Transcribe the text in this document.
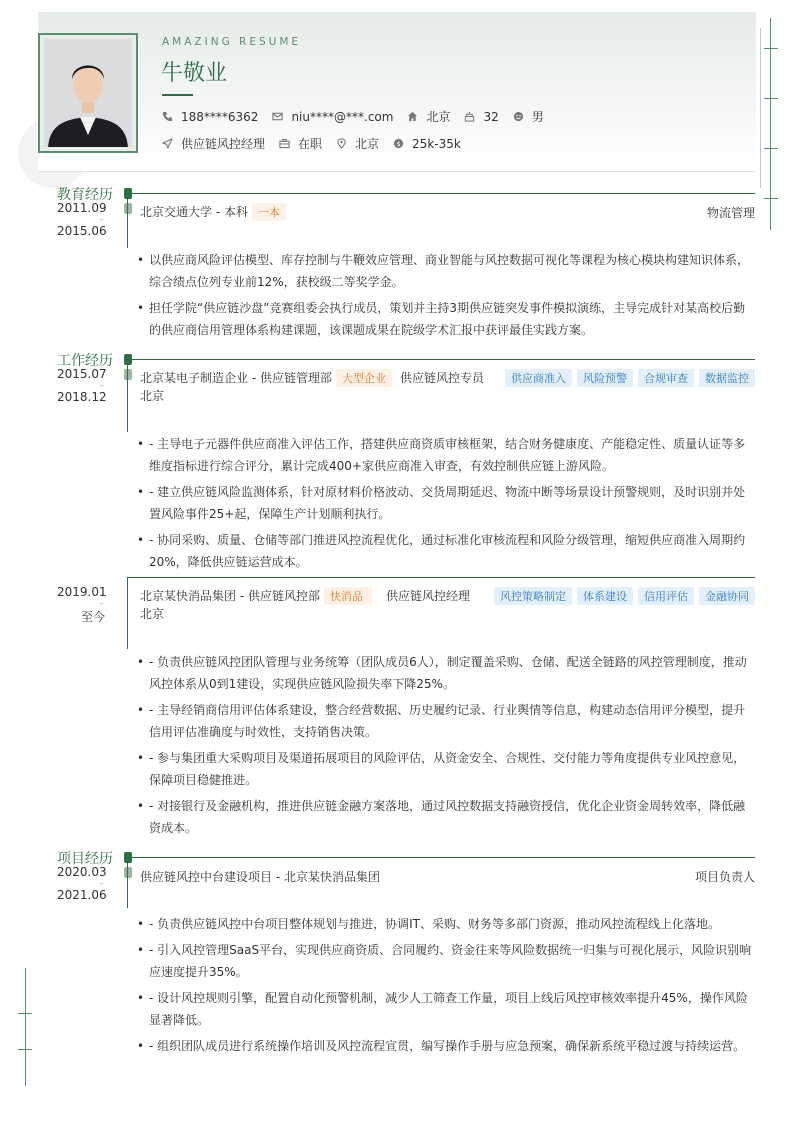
AMAZING RESUME
牛敬业
188****6362	niu****@***.com	北京	32	男
供应链风控经理	在职	北京 $ 25k-35k
教育经历
2011.09
-
2015.06
北京交通大学 - 本科 一本	物流管理
• 以供应商风险评估模型、库存控制与牛鞭效应管理、商业智能与风控数据可视化等课程为核心模块构建知识体系，综合绩点位列专业前12%，获校级二等奖学金。
• 担任学院“供应链沙盘”竞赛组委会执行成员，策划并主持3期供应链突发事件模拟演练，主导完成针对某高校后勤的供应商信用管理体系构建课题，该课题成果在院级学术汇报中获评最佳实践方案。
工作经历
2015.07
-
2018.12
北京某电子制造企业 - 供应链管理部 大型企业 供应链风控专员	供应商准入	风险预警	合规审查	数据监控
北京
• - 主导电子元器件供应商准入评估工作，搭建供应商资质审核框架，结合财务健康度、产能稳定性、质量认证等多维度指标进行综合评分，累计完成400+家供应商准入审查，有效控制供应链上游风险。
• - 建立供应链风险监测体系，针对原材料价格波动、交货周期延迟、物流中断等场景设计预警规则，及时识别并处置风险事件25+起，保障生产计划顺利执行。
• - 协同采购、质量、仓储等部门推进风控流程优化，通过标准化审核流程和风险分级管理，缩短供应商准入周期约20%，降低供应链运营成本。
2019.01
-
至今
北京某快消品集团 - 供应链风控部 快消品 供应链风控经理	风控策略制定	体系建设	信用评估	金融协同
北京
• - 负责供应链风控团队管理与业务统筹（团队成员6人），制定覆盖采购、仓储、配送全链路的风控管理制度，推动风控体系从0到1建设，实现供应链风险损失率下降25%。
• - 主导经销商信用评估体系建设，整合经营数据、历史履约记录、行业舆情等信息，构建动态信用评分模型，提升信用评估准确度与时效性，支持销售决策。
• - 参与集团重大采购项目及渠道拓展项目的风险评估，从资金安全、合规性、交付能力等角度提供专业风控意见，保障项目稳健推进。
• - 对接银行及金融机构，推进供应链金融方案落地，通过风控数据支持融资授信，优化企业资金周转效率，降低融资成本。
项目经历
2020.03
-
2021.06
供应链风控中台建设项目 - 北京某快消品集团	项目负责人
• - 负责供应链风控中台项目整体规划与推进，协调IT、采购、财务等多部门资源，推动风控流程线上化落地。
• - 引入风控管理SaaS平台，实现供应商资质、合同履约、资金往来等风险数据统一归集与可视化展示，风险识别响应速度提升35%。
• - 设计风控规则引擎，配置自动化预警机制，减少人工筛查工作量，项目上线后风控审核效率提升45%，操作风险显著降低。
• - 组织团队成员进行系统操作培训及风控流程宣贯，编写操作手册与应急预案，确保新系统平稳过渡与持续运营。
